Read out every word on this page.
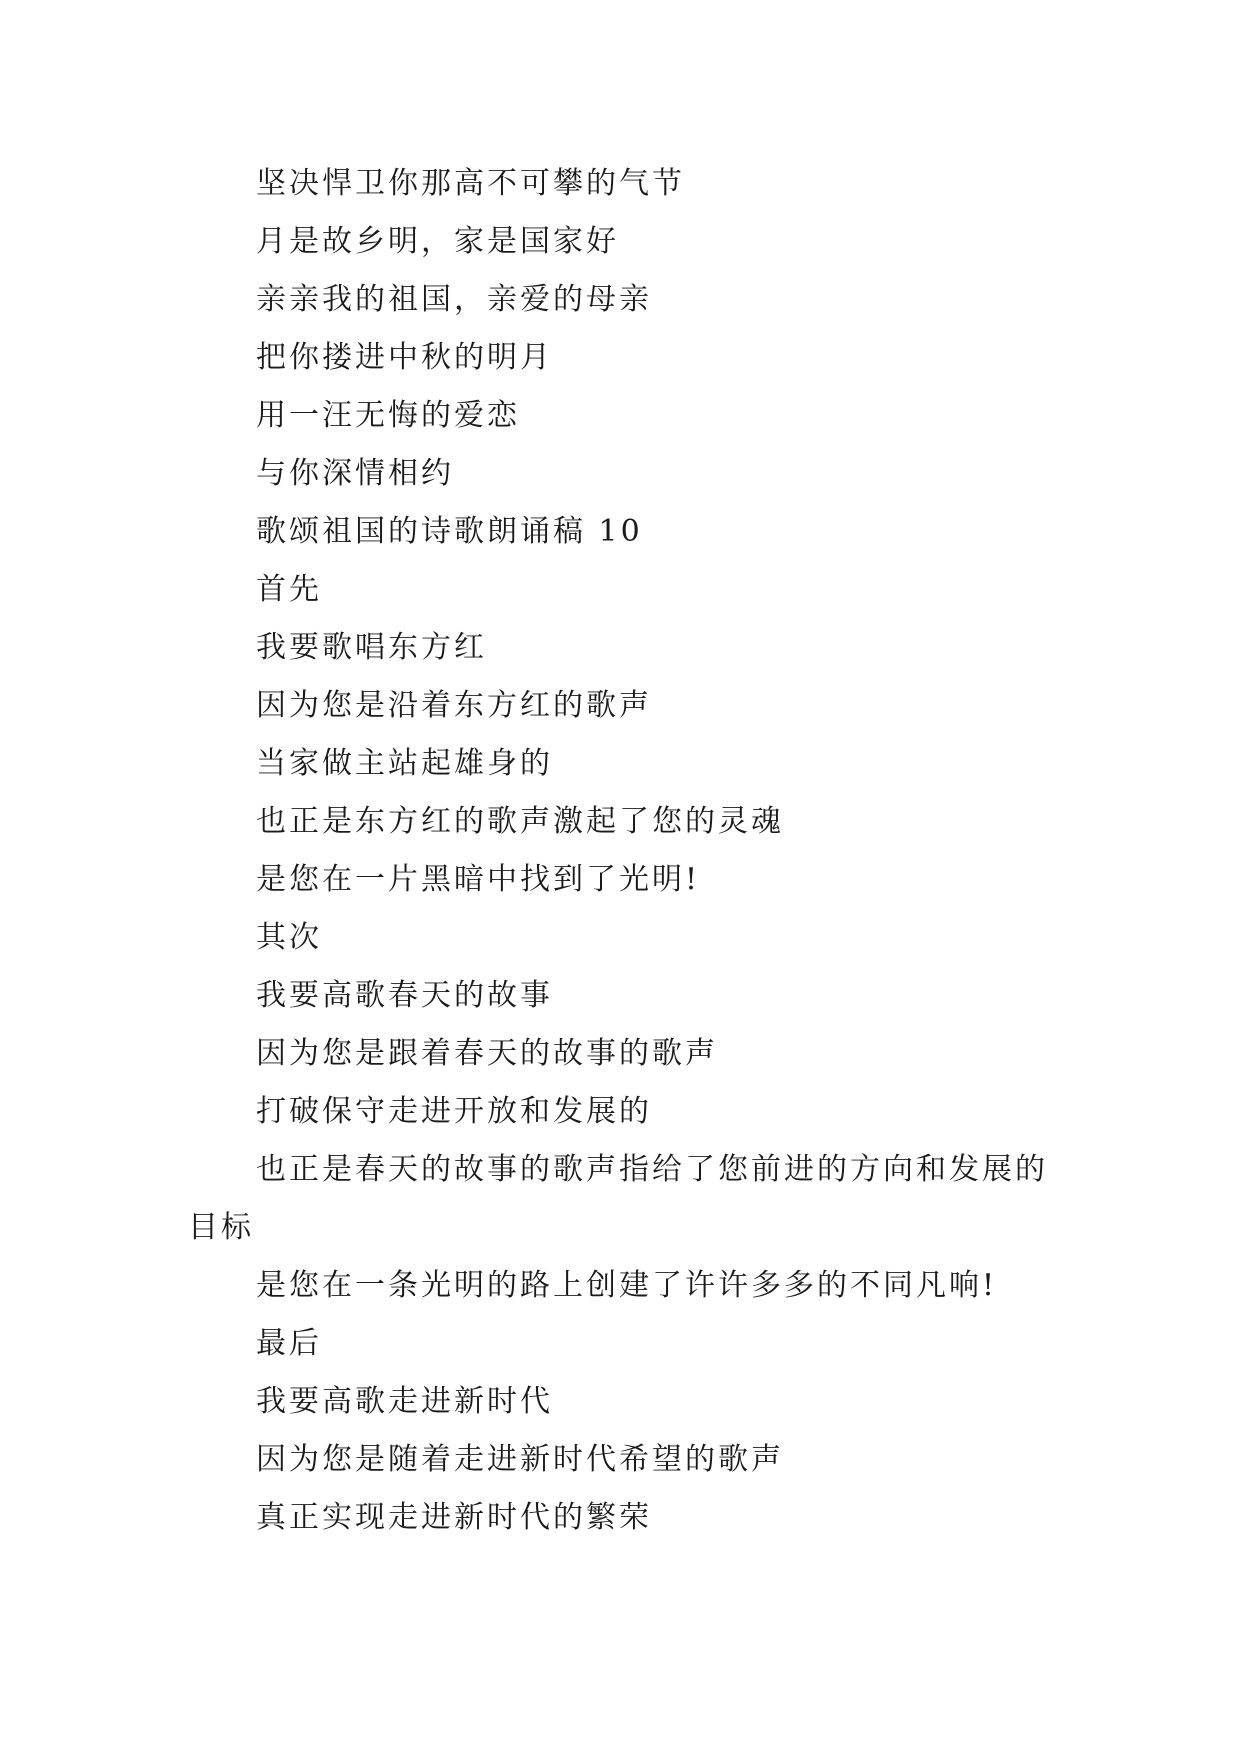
坚决悍卫你那高不可攀的气节

月是故乡明，家是国家好

亲亲我的祖国，亲爱的母亲

把你搂进中秋的明月

用一汪无悔的爱恋

与你深情相约

歌颂祖国的诗歌朗诵稿 10

首先

我要歌唱东方红

因为您是沿着东方红的歌声

当家做主站起雄身的

也正是东方红的歌声激起了您的灵魂

是您在一片黑暗中找到了光明!

其次

我要高歌春天的故事

因为您是跟着春天的故事的歌声

打破保守走进开放和发展的

也正是春天的故事的歌声指给了您前进的方向和发展的目标

是您在一条光明的路上创建了许许多多的不同凡响!

最后

我要高歌走进新时代

因为您是随着走进新时代希望的歌声

真正实现走进新时代的繁荣
